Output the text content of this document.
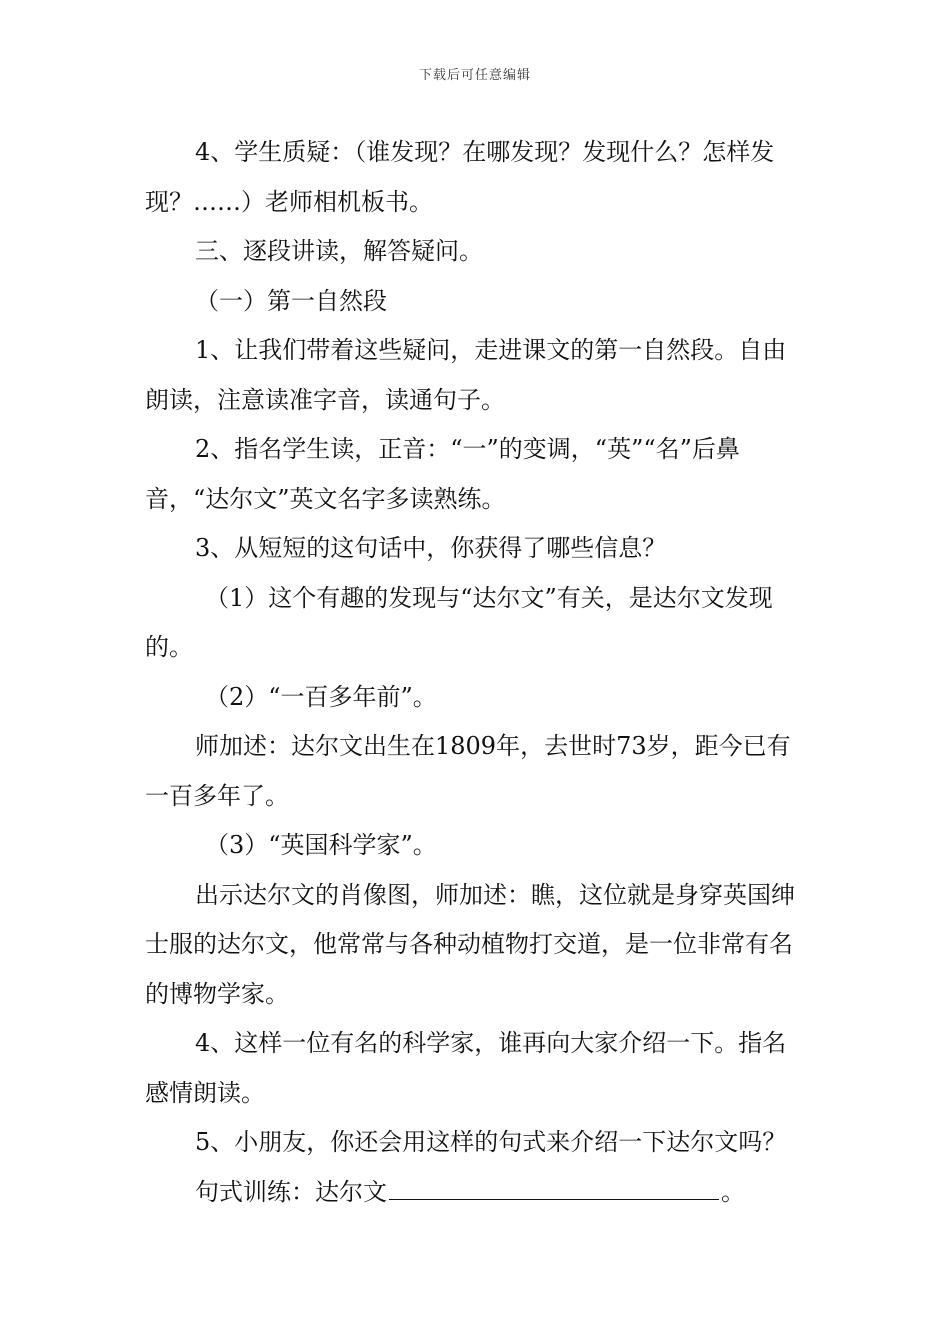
下载后可任意编辑

4、学生质疑：（谁发现？在哪发现？发现什么？怎样发现？……）老师相机板书。

三、逐段讲读，解答疑问。

（一）第一自然段

1、让我们带着这些疑问，走进课文的第一自然段。自由朗读，注意读准字音，读通句子。

2、指名学生读，正音：“一”的变调，“英”“名”后鼻音，“达尔文”英文名字多读熟练。

3、从短短的这句话中，你获得了哪些信息？

（1）这个有趣的发现与“达尔文”有关，是达尔文发现的。

（2）“一百多年前”。

师加述：达尔文出生在1809年，去世时73岁，距今已有一百多年了。

（3）“英国科学家”。

出示达尔文的肖像图，师加述：瞧，这位就是身穿英国绅士服的达尔文，他常常与各种动植物打交道，是一位非常有名的博物学家。

4、这样一位有名的科学家，谁再向大家介绍一下。指名感情朗读。

5、小朋友，你还会用这样的句式来介绍一下达尔文吗？

句式训练：达尔文	。
